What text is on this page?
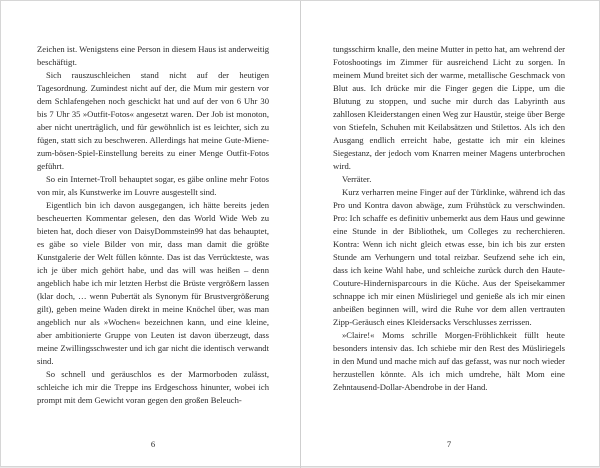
Zeichen ist. Wenigstens eine Person in diesem Haus ist anderweitig beschäftigt.

Sich rauszuschleichen stand nicht auf der heutigen Tagesordnung. Zumindest nicht auf der, die Mum mir gestern vor dem Schlafengehen noch geschickt hat und auf der von 6 Uhr 30 bis 7 Uhr 35 »Outfit-Fotos« angesetzt waren. Der Job ist monoton, aber nicht unerträglich, und für gewöhnlich ist es leichter, sich zu fügen, statt sich zu beschweren. Allerdings hat meine Gute-Miene-zum-bösen-Spiel-Einstellung bereits zu einer Menge Outfit-Fotos geführt.

So ein Internet-Troll behauptet sogar, es gäbe online mehr Fotos von mir, als Kunstwerke im Louvre ausgestellt sind.

Eigentlich bin ich davon ausgegangen, ich hätte bereits jeden bescheuerten Kommentar gelesen, den das World Wide Web zu bieten hat, doch dieser von DaisyDommstein99 hat das behauptet, es gäbe so viele Bilder von mir, dass man damit die größte Kunstgalerie der Welt füllen könnte. Das ist das Verrückteste, was ich je über mich gehört habe, und das will was heißen – denn angeblich habe ich mir letzten Herbst die Brüste vergrößern lassen (klar doch, … wenn Pubertät als Synonym für Brustvergrößerung gilt), geben meine Waden direkt in meine Knöchel über, was man angeblich nur als »Wochen« bezeichnen kann, und eine kleine, aber ambitionierte Gruppe von Leuten ist davon überzeugt, dass meine Zwillingsschwester und ich gar nicht die identisch verwandt sind.

So schnell und geräuschlos es der Marmorboden zulässt, schleiche ich mir die Treppe ins Erdgeschoss hinunter, wobei ich prompt mit dem Gewicht voran gegen den großen Beleuch-

6

tungsschirm knalle, den meine Mutter in petto hat, am wehrend der Fotoshootings im Zimmer für ausreichend Licht zu sorgen. In meinem Mund breitet sich der warme, metallische Geschmack von Blut aus. Ich drücke mir die Finger gegen die Lippe, um die Blutung zu stoppen, und suche mir durch das Labyrinth aus zahllosen Kleiderstangen einen Weg zur Haustür, steige über Berge von Stiefeln, Schuhen mit Keilabsätzen und Stilettos. Als ich den Ausgang endlich erreicht habe, gestatte ich mir ein kleines Siegestanz, der jedoch vom Knarren meiner Magens unterbrochen wird.

Verräter.

Kurz verharren meine Finger auf der Türklinke, während ich das Pro und Kontra davon abwäge, zum Frühstück zu verschwinden. Pro: Ich schaffe es definitiv unbemerkt aus dem Haus und gewinne eine Stunde in der Bibliothek, um Colleges zu recherchieren. Kontra: Wenn ich nicht gleich etwas esse, bin ich bis zur ersten Stunde am Verhungern und total reizbar. Seufzend sehe ich ein, dass ich keine Wahl habe, und schleiche zurück durch den Haute-Couture-Hindernisparcours in die Küche. Aus der Speisekammer schnappe ich mir einen Müsliriegel und genieße als ich mir einen anbeißen beginnen will, wird die Ruhe vor dem allen vertrauten Zipp-Geräusch eines Kleidersacks Verschlusses zerrissen.

»Claire!« Moms schrille Morgen-Fröhlichkeit füllt heute besonders intensiv das. Ich schiebe mir den Rest des Müsliriegels in den Mund und mache mich auf das gefasst, was nur noch wieder herzustellen könnte. Als ich mich umdrehe, hält Mom eine Zehntausend-Dollar-Abendrobe in der Hand.

7
